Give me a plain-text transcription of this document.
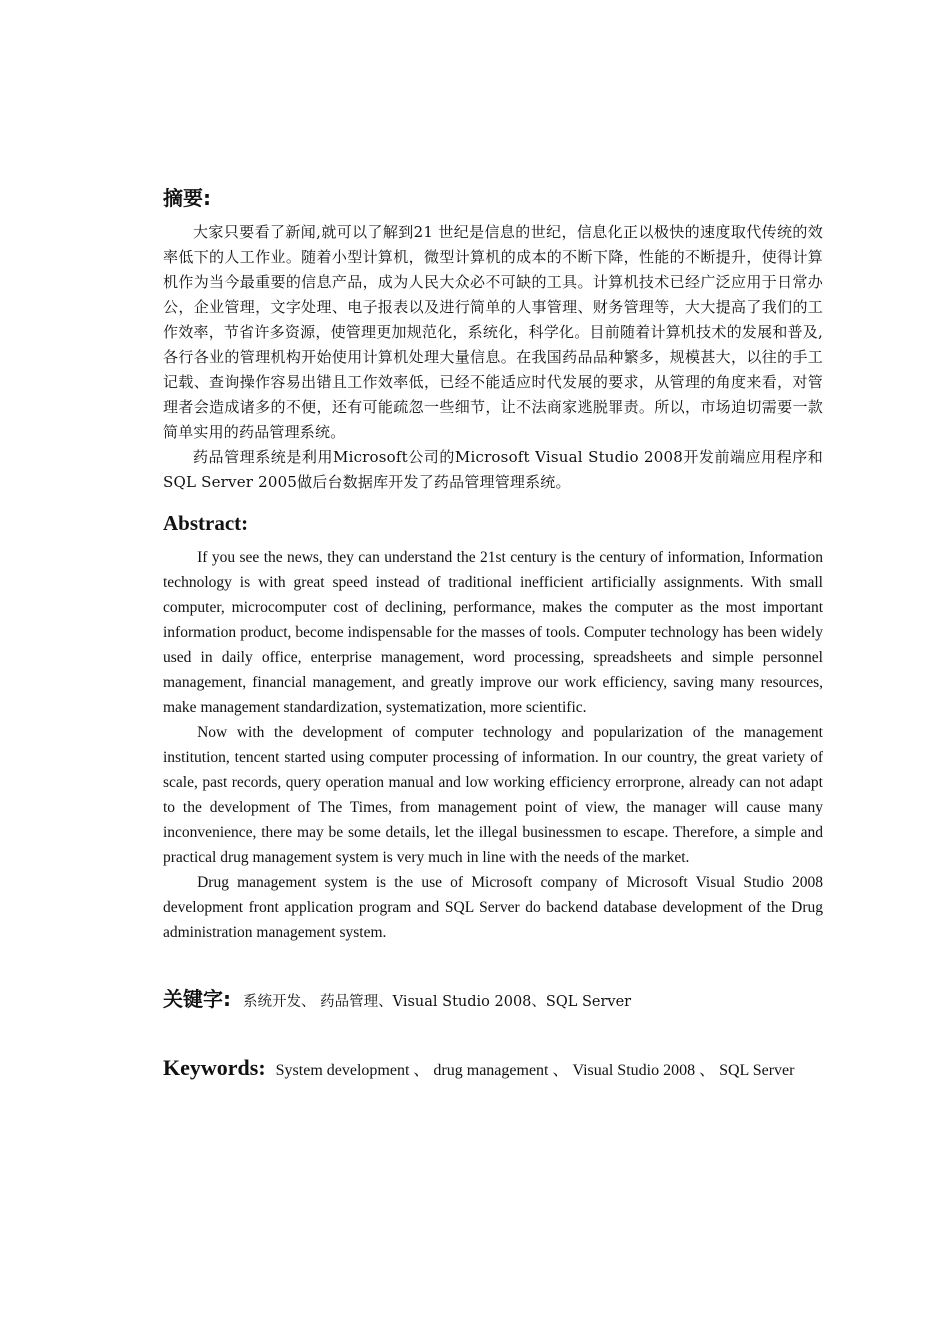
摘要:

大家只要看了新闻,就可以了解到21 世纪是信息的世纪，信息化正以极快的速度取代传统的效率低下的人工作业。随着小型计算机，微型计算机的成本的不断下降，性能的不断提升，使得计算机作为当今最重要的信息产品，成为人民大众必不可缺的工具。计算机技术已经广泛应用于日常办公，企业管理，文字处理、电子报表以及进行简单的人事管理、财务管理等，大大提高了我们的工作效率，节省许多资源，使管理更加规范化，系统化，科学化。目前随着计算机技术的发展和普及,各行各业的管理机构开始使用计算机处理大量信息。在我国药品品种繁多，规模甚大，以往的手工记载、查询操作容易出错且工作效率低，已经不能适应时代发展的要求，从管理的角度来看，对管理者会造成诸多的不便，还有可能疏忽一些细节，让不法商家逃脱罪责。所以，市场迫切需要一款简单实用的药品管理系统。

药品管理系统是利用Microsoft公司的Microsoft Visual Studio 2008开发前端应用程序和SQL Server 2005做后台数据库开发了药品管理管理系统。

Abstract:

If you see the news, they can understand the 21st century is the century of information, Information technology is with great speed instead of traditional inefficient artificially assignments. With small computer, microcomputer cost of declining, performance, makes the computer as the most important information product, become indispensable for the masses of tools. Computer technology has been widely used in daily office, enterprise management, word processing, spreadsheets and simple personnel management, financial management, and greatly improve our work efficiency, saving many resources, make management standardization, systematization, more scientific.

Now with the development of computer technology and popularization of the management institution, tencent started using computer processing of information. In our country, the great variety of scale, past records, query operation manual and low working efficiency errorprone, already can not adapt to the development of The Times, from management point of view, the manager will cause many inconvenience, there may be some details, let the illegal businessmen to escape. Therefore, a simple and practical drug management system is very much in line with the needs of the market.

Drug management system is the use of Microsoft company of Microsoft Visual Studio 2008 development front application program and SQL Server do backend database development of the Drug administration management system.

关键字: 系统开发、 药品管理、Visual Studio 2008、SQL Server
Keywords: System development 、 drug management 、 Visual Studio 2008 、 SQL Server
